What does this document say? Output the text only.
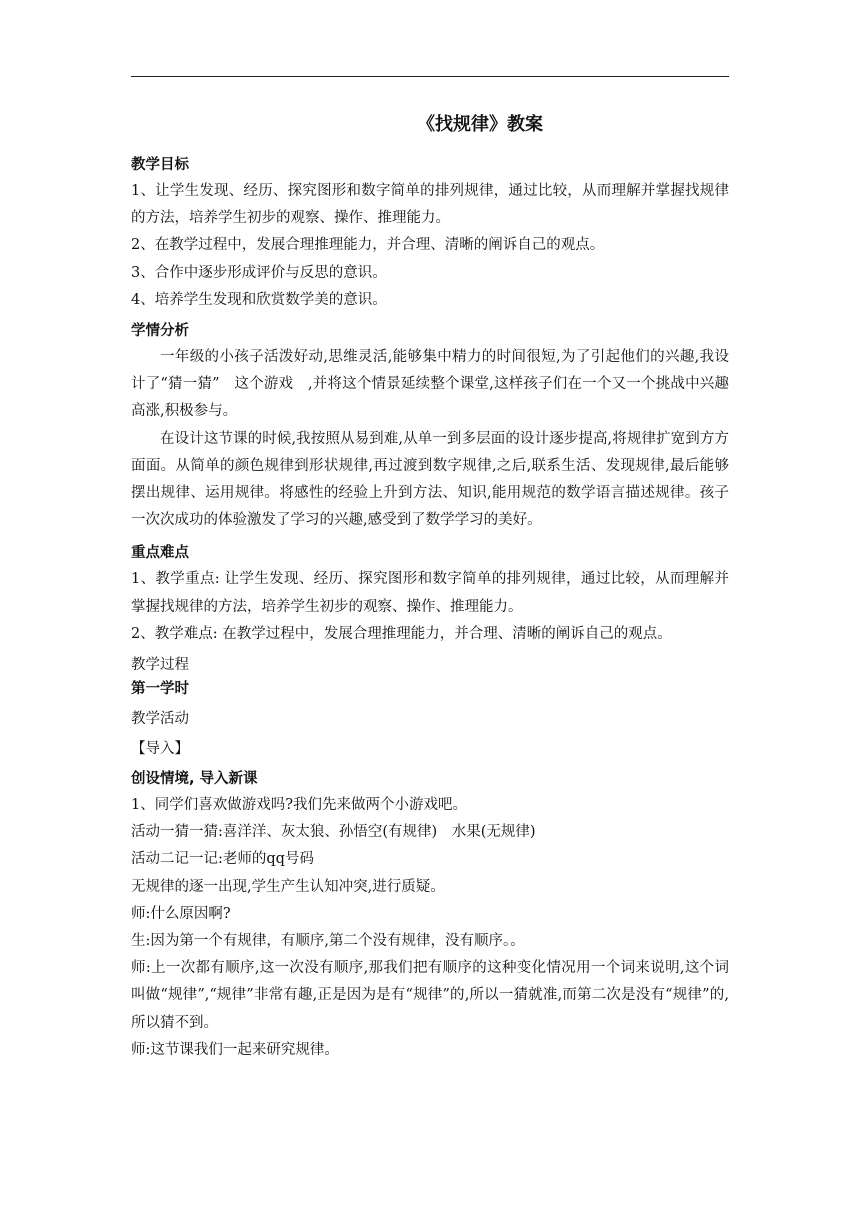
《找规律》教案
教学目标

1、让学生发现、经历、探究图形和数字简单的排列规律，通过比较，从而理解并掌握找规律的方法，培养学生初步的观察、操作、推理能力。

2、在教学过程中，发展合理推理能力，并合理、清晰的阐诉自己的观点。

3、合作中逐步形成评价与反思的意识。

4、培养学生发现和欣赏数学美的意识。

学情分析

一年级的小孩子活泼好动,思维灵活,能够集中精力的时间很短,为了引起他们的兴趣,我设计了“猜一猜”　这个游戏　,并将这个情景延续整个课堂,这样孩子们在一个又一个挑战中兴趣高涨,积极参与。

在设计这节课的时候,我按照从易到难,从单一到多层面的设计逐步提高,将规律扩宽到方方面面。从简单的颜色规律到形状规律,再过渡到数字规律,之后,联系生活、发现规律,最后能够摆出规律、运用规律。将感性的经验上升到方法、知识,能用规范的数学语言描述规律。孩子一次次成功的体验激发了学习的兴趣,感受到了数学学习的美好。

重点难点

1、教学重点: 让学生发现、经历、探究图形和数字简单的排列规律，通过比较，从而理解并掌握找规律的方法，培养学生初步的观察、操作、推理能力。

2、教学难点: 在教学过程中，发展合理推理能力，并合理、清晰的阐诉自己的观点。

教学过程
第一学时
教学活动
【导入】
创设情境, 导入新课

1、同学们喜欢做游戏吗?我们先来做两个小游戏吧。

活动一猜一猜:喜洋洋、灰太狼、孙悟空(有规律)　水果(无规律)

活动二记一记:老师的qq号码

无规律的逐一出现,学生产生认知冲突,进行质疑。

师:什么原因啊?

生:因为第一个有规律，有顺序,第二个没有规律，没有顺序。。

师:上一次都有顺序,这一次没有顺序,那我们把有顺序的这种变化情况用一个词来说明,这个词叫做“规律”,“规律”非常有趣,正是因为是有“规律”的,所以一猜就准,而第二次是没有“规律”的,所以猜不到。

师:这节课我们一起来研究规律。
